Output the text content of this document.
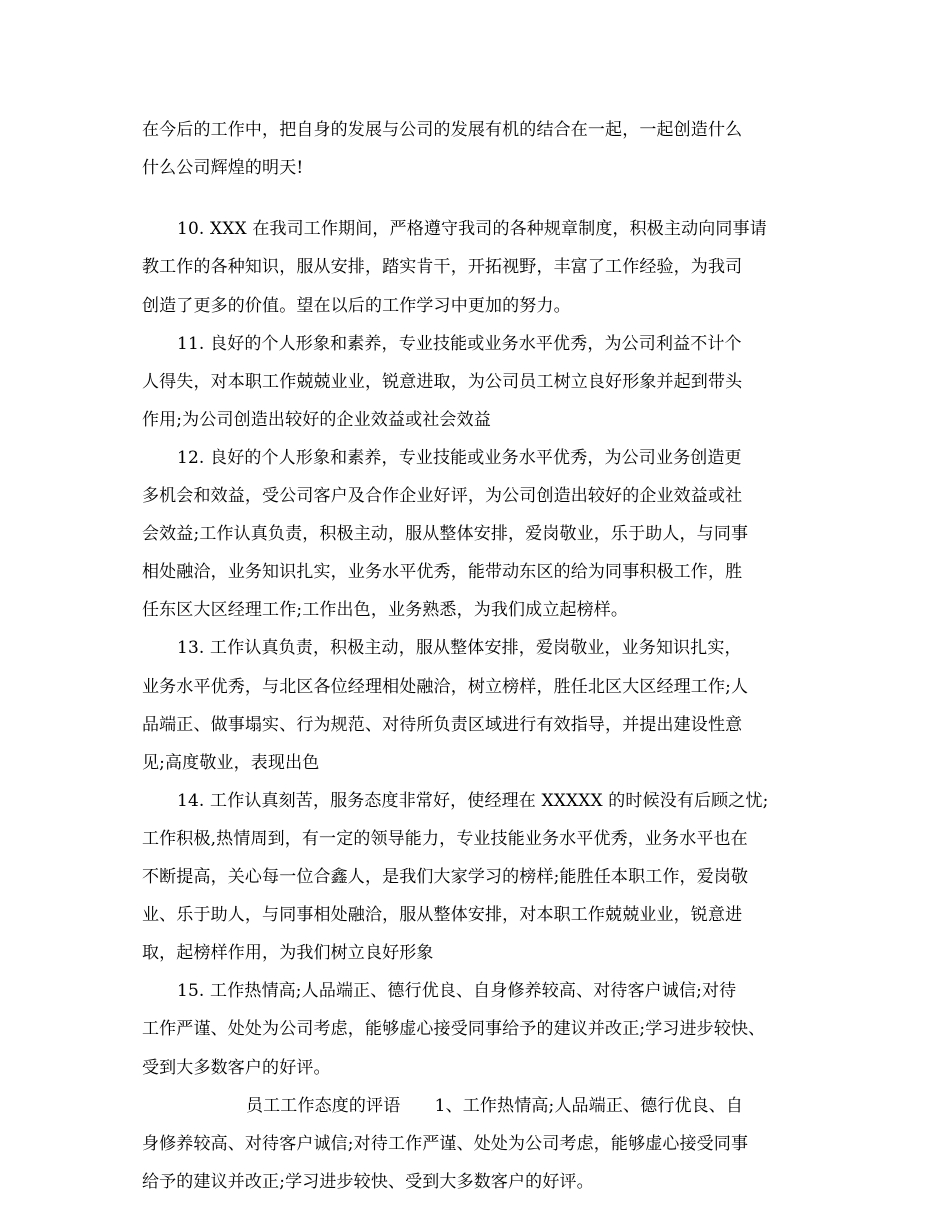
在今后的工作中，把自身的发展与公司的发展有机的结合在一起，一起创造什么
什么公司辉煌的明天!
10. XXX 在我司工作期间，严格遵守我司的各种规章制度，积极主动向同事请
教工作的各种知识，服从安排，踏实肯干，开拓视野，丰富了工作经验，为我司
创造了更多的价值。望在以后的工作学习中更加的努力。
11. 良好的个人形象和素养，专业技能或业务水平优秀，为公司利益不计个
人得失，对本职工作兢兢业业，锐意进取，为公司员工树立良好形象并起到带头
作用;为公司创造出较好的企业效益或社会效益
12. 良好的个人形象和素养，专业技能或业务水平优秀，为公司业务创造更
多机会和效益，受公司客户及合作企业好评，为公司创造出较好的企业效益或社
会效益;工作认真负责，积极主动，服从整体安排，爱岗敬业，乐于助人，与同事
相处融洽，业务知识扎实，业务水平优秀，能带动东区的给为同事积极工作，胜
任东区大区经理工作;工作出色，业务熟悉，为我们成立起榜样。
13. 工作认真负责，积极主动，服从整体安排，爱岗敬业，业务知识扎实，
业务水平优秀，与北区各位经理相处融洽，树立榜样，胜任北区大区经理工作;人
品端正、做事塌实、行为规范、对待所负责区域进行有效指导，并提出建设性意
见;高度敬业，表现出色
14. 工作认真刻苦，服务态度非常好，使经理在 XXXXX 的时候没有后顾之忧;
工作积极,热情周到，有一定的领导能力，专业技能业务水平优秀，业务水平也在
不断提高，关心每一位合鑫人，是我们大家学习的榜样;能胜任本职工作，爱岗敬
业、乐于助人，与同事相处融洽，服从整体安排，对本职工作兢兢业业，锐意进
取，起榜样作用，为我们树立良好形象
15. 工作热情高;人品端正、德行优良、自身修养较高、对待客户诚信;对待
工作严谨、处处为公司考虑，能够虚心接受同事给予的建议并改正;学习进步较快、
受到大多数客户的好评。
员工工作态度的评语　　1、工作热情高;人品端正、德行优良、自
身修养较高、对待客户诚信;对待工作严谨、处处为公司考虑，能够虚心接受同事
给予的建议并改正;学习进步较快、受到大多数客户的好评。
